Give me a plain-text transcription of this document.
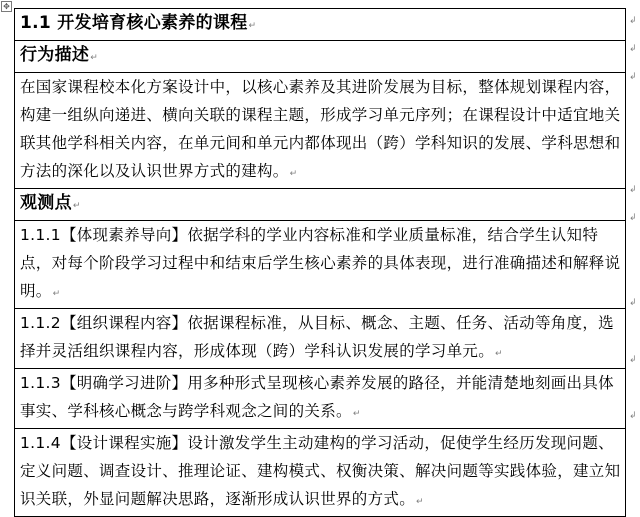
✥
1.1 开发培育核心素养的课程↵
行为描述↵
在国家课程校本化方案设计中，以核心素养及其进阶发展为目标，整体规划课程内容，构建一组纵向递进、横向关联的课程主题，形成学习单元序列；在课程设计中适宜地关联其他学科相关内容，在单元间和单元内都体现出（跨）学科知识的发展、学科思想和方法的深化以及认识世界方式的建构。↵
观测点↵
1.1.1【体现素养导向】依据学科的学业内容标准和学业质量标准，结合学生认知特点，对每个阶段学习过程中和结束后学生核心素养的具体表现，进行准确描述和解释说明。↵
1.1.2【组织课程内容】依据课程标准，从目标、概念、主题、任务、活动等角度，选择并灵活组织课程内容，形成体现（跨）学科认识发展的学习单元。↵
1.1.3【明确学习进阶】用多种形式呈现核心素养发展的路径，并能清楚地刻画出具体事实、学科核心概念与跨学科观念之间的关系。↵
1.1.4【设计课程实施】设计激发学生主动建构的学习活动，促使学生经历发现问题、定义问题、调查设计、推理论证、建构模式、权衡决策、解决问题等实践体验，建立知识关联，外显问题解决思路，逐渐形成认识世界的方式。↵
↲
↲
↲
↲
↲
↲
↲
↲
